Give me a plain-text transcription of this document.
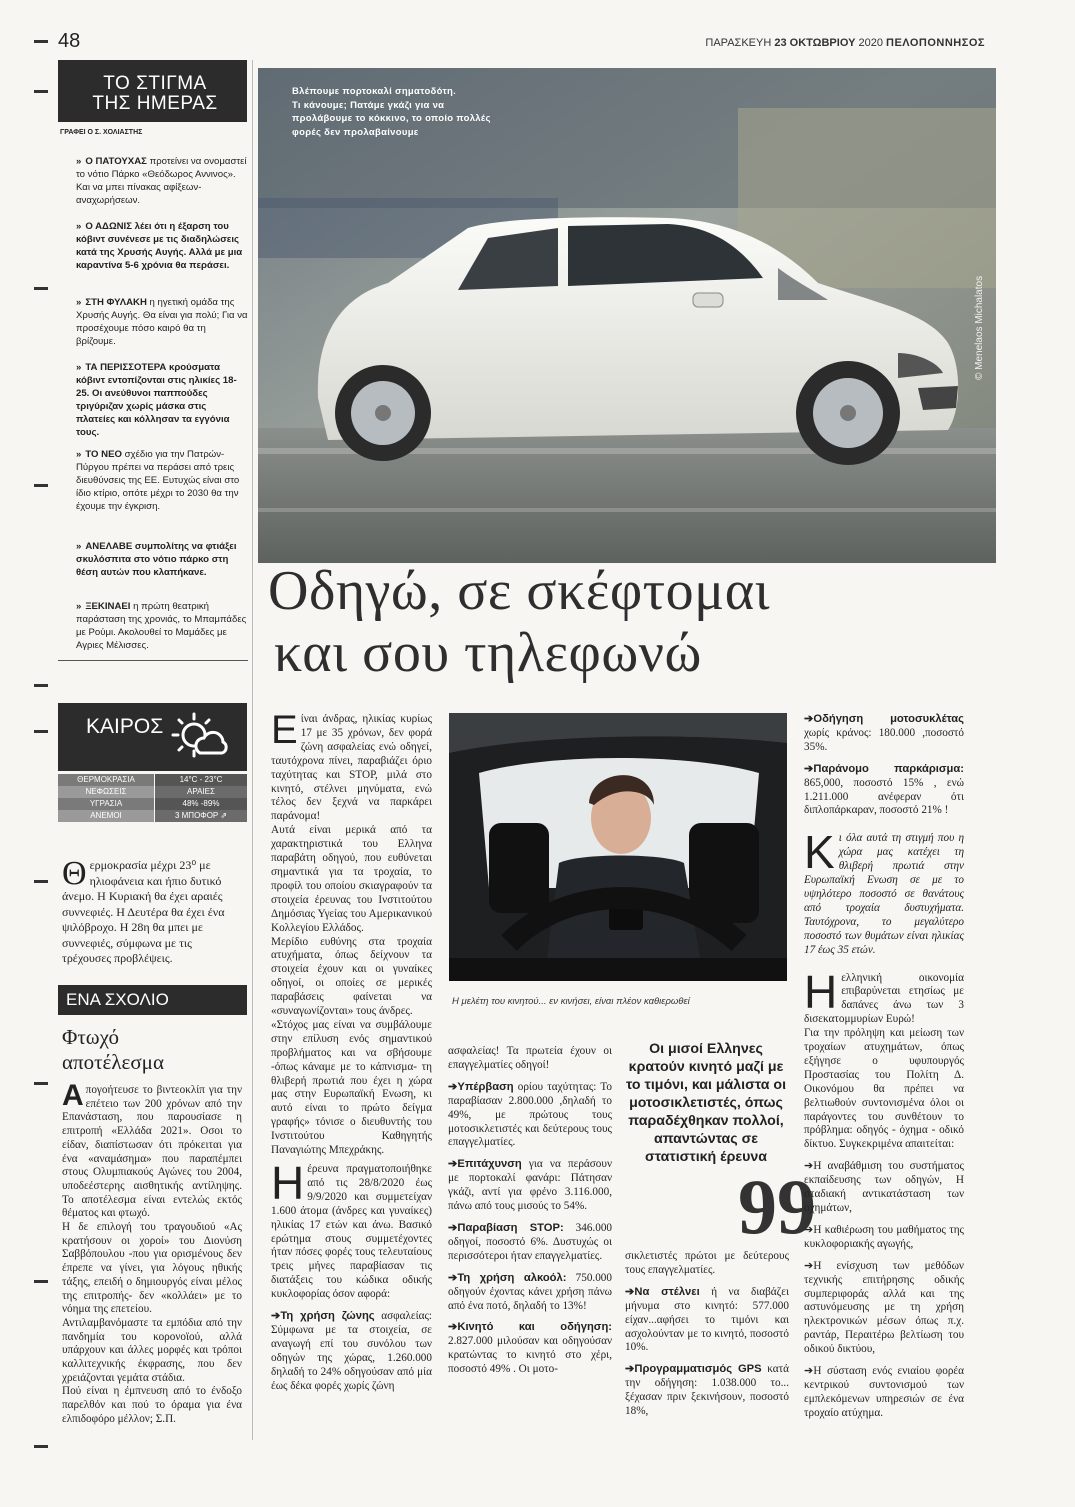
48	ΠΑΡΑΣΚΕΥΗ 23 ΟΚΤΩΒΡΙΟΥ 2020 ΠΕΛΟΠΟΝΝΗΣΟΣ
ΤΟ ΣΤΙΓΜΑ
ΤΗΣ ΗΜΕΡΑΣ
ΓΡΑΦΕΙ Ο Σ. ΧΟΛΙΑΣΤΗΣ
» Ο ΠΑΤΟΥΧΑΣ προτείνει να ονομαστεί το νότιο Πάρκο «Θεόδωρος Αννινος». Και να μπει πίνακας αφίξεων- αναχωρήσεων.
» Ο ΑΔΩΝΙΣ λέει ότι η έξαρση του κόβιντ συνένεσε με τις διαδηλώσεις κατά της Χρυσής Αυγής. Αλλά με μια καραντίνα 5-6 χρόνια θα περάσει.
» ΣΤΗ ΦΥΛΑΚΗ η ηγετική ομάδα της Χρυσής Αυγής. Θα είναι για πολύ; Για να προσέχουμε πόσο καιρό θα τη βρίζουμε.
» ΤΑ ΠΕΡΙΣΣΟΤΕΡΑ κρούσματα κόβιντ εντοπίζονται στις ηλικίες 18-25. Οι ανεύθυνοι παππούδες τριγύριζαν χωρίς μάσκα στις πλατείες και κόλλησαν τα εγγόνια τους.
» ΤΟ ΝΕΟ σχέδιο για την Πατρών-Πύργου πρέπει να περάσει από τρεις διευθύνσεις της ΕΕ. Ευτυχώς είναι στο ίδιο κτίριο, οπότε μέχρι το 2030 θα την έχουμε την έγκριση.
» ΑΝΕΛΑΒΕ συμπολίτης να φτιάξει σκυλόσπιτα στο νότιο πάρκο στη θέση αυτών που κλαπήκανε.
» ΞΕΚΙΝΑΕΙ η πρώτη θεατρική παράσταση της χρονιάς, το Μπαμπάδες με Ρούμι. Ακολουθεί το Μαμάδες με Αγριες Μέλισσες.
ΚΑΙΡΟΣ
ΘΕΡΜΟΚΡΑΣΙΑ	14°C - 23°C
ΝΕΦΩΣΕΙΣ	ΑΡΑΙΕΣ
ΥΓΡΑΣΙΑ	48% -89%
ΑΝΕΜΟΙ	3 ΜΠΟΦΟΡ ⇗
Θερμοκρασία μέχρι 23⁰ με ηλιοφάνεια και ήπιο δυτικό άνεμο. Η Κυριακή θα έχει αραιές συννεφιές. Η Δευτέρα θα έχει ένα ψιλόβροχο. Η 28η θα μπει με συννεφιές, σύμφωνα με τις τρέχουσες προβλέψεις.
ΕΝΑ ΣΧΟΛΙΟ
Φτωχό
αποτέλεσμα
Απογοήτευσε το βιντεοκλίπ για την επέτειο των 200 χρόνων από την Επανάσταση, που παρουσίασε η επιτροπή «Ελλάδα 2021». Οσοι το είδαν, διαπίστωσαν ότι πρόκειται για ένα «αναμάσημα» που παραπέμπει στους Ολυμπιακούς Αγώνες του 2004, υποδεέστερης αισθητικής αντίληψης. Το αποτέλεσμα είναι εντελώς εκτός θέματος και φτωχό.
Η δε επιλογή του τραγουδιού «Ας κρατήσουν οι χοροί» του Διονύση Σαββόπουλου -που για ορισμένους δεν έπρεπε να γίνει, για λόγους ηθικής τάξης, επειδή ο δημιουργός είναι μέλος της επιτροπής- δεν «κολλάει» με το νόημα της επετείου.
Αντιλαμβανόμαστε τα εμπόδια από την πανδημία του κορονοϊού, αλλά υπάρχουν και άλλες μορφές και τρόποι καλλιτεχνικής έκφρασης, που δεν χρειάζονται γεμάτα στάδια.
Πού είναι η έμπνευση από το ένδοξο παρελθόν και πού το όραμα για ένα ελπιδοφόρο μέλλον; Σ.Π.
Βλέπουμε πορτοκαλί σηματοδότη.
Τι κάνουμε; Πατάμε γκάζι για να
προλάβουμε το κόκκινο, το οποίο πολλές
φορές δεν προλαβαίνουμε
© Menelaos Michalatos
Οδηγώ, σε σκέφτομαι
και σου τηλεφωνώ
Είναι άνδρας, ηλικίας κυρίως 17 με 35 χρόνων, δεν φορά ζώνη ασφαλείας ενώ οδηγεί, ταυτόχρονα πίνει, παραβιάζει όριο ταχύτητας και STOP, μιλά στο κινητό, στέλνει μηνύματα, ενώ τέλος δεν ξεχνά να παρκάρει παράνομα!
Αυτά είναι μερικά από τα χαρακτηριστικά του Ελληνα παραβάτη οδηγού, που ευθύνεται σημαντικά για τα τροχαία, το προφίλ του οποίου σκιαγραφούν τα στοιχεία έρευνας του Ινστιτούτου Δημόσιας Υγείας του Αμερικανικού Κολλεγίου Ελλάδος.
Μερίδιο ευθύνης στα τροχαία ατυχήματα, όπως δείχνουν τα στοιχεία έχουν και οι γυναίκες οδηγοί, οι οποίες σε μερικές παραβάσεις φαίνεται να «συναγωνίζονται» τους άνδρες.
«Στόχος μας είναι να συμβάλουμε στην επίλυση ενός σημαντικού προβλήματος και να σβήσουμε -όπως κάναμε με το κάπνισμα- τη θλιβερή πρωτιά που έχει η χώρα μας στην Ευρωπαϊκή Ενωση, κι αυτό είναι το πρώτο δείγμα γραφής» τόνισε ο διευθυντής του Ινστιτούτου Καθηγητής Παναγιώτης Μπεχράκης.
Ηέρευνα πραγματοποιήθηκε από τις 28/8/2020 έως 9/9/2020 και συμμετείχαν 1.600 άτομα (άνδρες και γυναίκες) ηλικίας 17 ετών και άνω. Βασικό ερώτημα στους συμμετέχοντες ήταν πόσες φορές τους τελευταίους τρεις μήνες παραβίασαν τις διατάξεις του κώδικα οδικής κυκλοφορίας όσον αφορά:
➔Τη χρήση ζώνης ασφαλείας: Σύμφωνα με τα στοιχεία, σε αναγωγή επί του συνόλου των οδηγών της χώρας, 1.260.000 δηλαδή το 24% οδηγούσαν από μία έως δέκα φορές χωρίς ζώνη
Η μελέτη του κινητού... εν κινήσει, είναι πλέον καθιερωθεί

ασφαλείας! Τα πρωτεία έχουν οι επαγγελματίες οδηγοί!

➔Υπέρβαση ορίου ταχύτητας: Το παραβίασαν 2.800.000 ,δηλαδή το 49%, με πρώτους τους μοτοσικλετιστές και δεύτερους τους επαγγελματίες.

➔Επιτάχυνση για να περάσουν με πορτοκαλί φανάρι: Πάτησαν γκάζι, αντί για φρένο 3.116.000, πάνω από τους μισούς το 54%.

➔Παραβίαση STOP: 346.000 οδηγοί, ποσοστό 6%. Δυστυχώς οι περισσότεροι ήταν επαγγελματίες.

➔Τη χρήση αλκοόλ: 750.000 οδηγούν έχοντας κάνει χρήση πάνω από ένα ποτό, δηλαδή το 13%!

➔Κινητό και οδήγηση: 2.827.000 μιλούσαν και οδηγούσαν κρατώντας το κινητό στο χέρι, ποσοστό 49% . Οι μοτο-

Οι μισοί Ελληνες κρατούν κινητό μαζί με το τιμόνι, και μάλιστα οι μοτοσικλετιστές, όπως παραδέχθηκαν πολλοί, απαντώντας σε στατιστική έρευνα
99

σικλετιστές πρώτοι με δεύτερους τους επαγγελματίες.

➔Να στέλνει ή να διαβάζει μήνυμα στο κινητό: 577.000 είχαν...αφήσει το τιμόνι και ασχολούνταν με το κινητό, ποσοστό 10%.

➔Προγραμματισμός GPS κατά την οδήγηση: 1.038.000 το... ξέχασαν πριν ξεκινήσουν, ποσοστό 18%,

➔Οδήγηση μοτοσυκλέτας χωρίς κράνος: 180.000 ,ποσοστό 35%.

➔Παράνομο παρκάρισμα: 865,000, ποσοστό 15% , ενώ 1.211.000 ανέφεραν ότι διπλοπάρκαραν, ποσοστό 21% !

Κι όλα αυτά τη στιγμή που η χώρα μας κατέχει τη θλιβερή πρωτιά στην Ευρωπαϊκή Ενωση σε με το υψηλότερο ποσοστό σε θανάτους από τροχαία δυστυχήματα. Ταυτόχρονα, το μεγαλύτερο ποσοστό των θυμάτων είναι ηλικίας 17 έως 35 ετών.

Ηελληνική οικονομία επιβαρύνεται ετησίως με δαπάνες άνω των 3 δισεκατομμυρίων Ευρώ!
Για την πρόληψη και μείωση των τροχαίων ατυχημάτων, όπως εξήγησε ο υφυπουργός Προστασίας του Πολίτη Δ. Οικονόμου θα πρέπει να βελτιωθούν συντονισμένα όλοι οι παράγοντες του συνθέτουν το πρόβλημα: οδηγός - όχημα - οδικό δίκτυο. Συγκεκριμένα απαιτείται:

➔Η αναβάθμιση του συστήματος εκπαίδευσης των οδηγών, Η σταδιακή αντικατάσταση των οχημάτων,

➔Η καθιέρωση του μαθήματος της κυκλοφοριακής αγωγής,

➔Η ενίσχυση των μεθόδων τεχνικής επιτήρησης οδικής συμπεριφοράς αλλά και της αστυνόμευσης με τη χρήση ηλεκτρονικών μέσων όπως π.χ. ραντάρ, Περαιτέρω βελτίωση του οδικού δικτύου,

➔Η σύσταση ενός ενιαίου φορέα κεντρικού συντονισμού των εμπλεκόμενων υπηρεσιών σε ένα τροχαίο ατύχημα.
